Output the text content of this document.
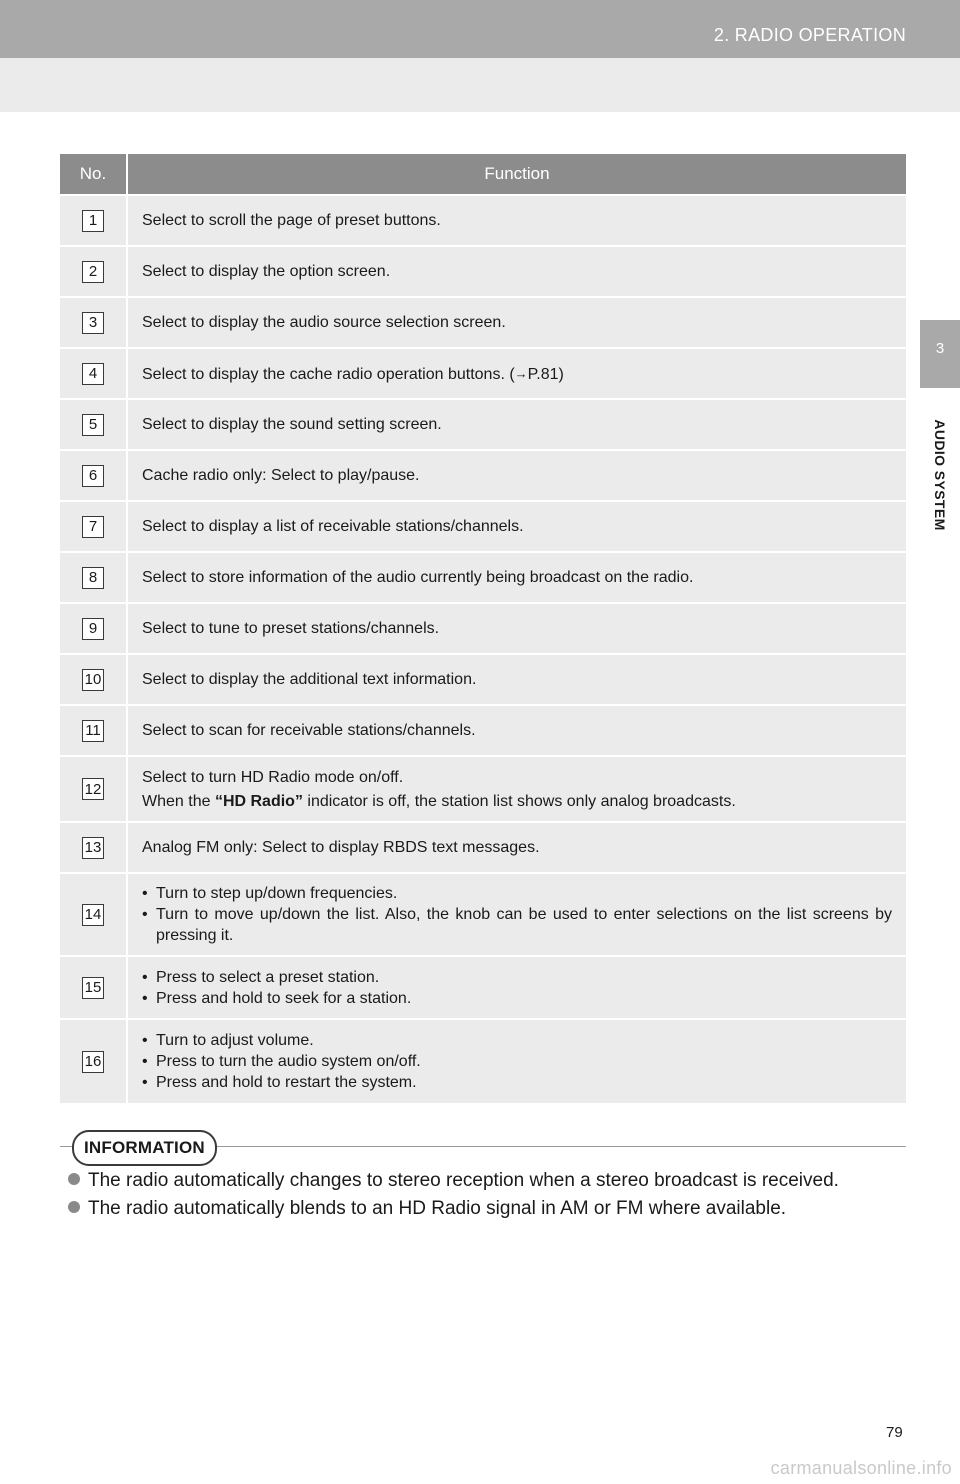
2. RADIO OPERATION
3
AUDIO SYSTEM
No.	Function
1	Select to scroll the page of preset buttons.
2	Select to display the option screen.
3	Select to display the audio source selection screen.
4	Select to display the cache radio operation buttons. (→P.81)
5	Select to display the sound setting screen.
6	Cache radio only: Select to play/pause.
7	Select to display a list of receivable stations/channels.
8	Select to store information of the audio currently being broadcast on the radio.
9	Select to tune to preset stations/channels.
10	Select to display the additional text information.
11	Select to scan for receivable stations/channels.
12	Select to turn HD Radio mode on/off.
When the “HD Radio” indicator is off, the station list shows only analog broadcasts.

13	Analog FM only: Select to display RBDS text messages.
14	• Turn to step up/down frequencies.
• Turn to move up/down the list. Also, the knob can be used to enter selections on the list screens by pressing it.

15	• Press to select a preset station.
• Press and hold to seek for a station.

16	• Turn to adjust volume.
• Press to turn the audio system on/off.
• Press and hold to restart the system.
INFORMATION
The radio automatically changes to stereo reception when a stereo broadcast is received.
The radio automatically blends to an HD Radio signal in AM or FM where available.
79
carmanualsonline.info
